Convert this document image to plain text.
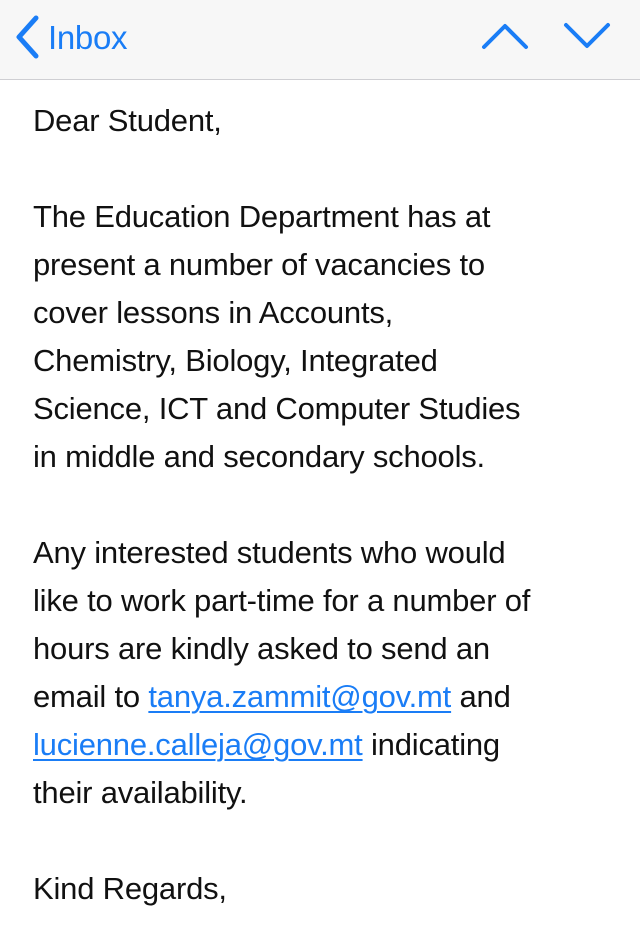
Inbox

Dear Student,

The Education Department has at

present a number of vacancies to

cover lessons in Accounts,

Chemistry, Biology, Integrated

Science, ICT and Computer Studies

in middle and secondary schools.

Any interested students who would

like to work part-time for a number of

hours are kindly asked to send an

email to tanya.zammit@gov.mt and

lucienne.calleja@gov.mt indicating

their availability.

Kind Regards,
